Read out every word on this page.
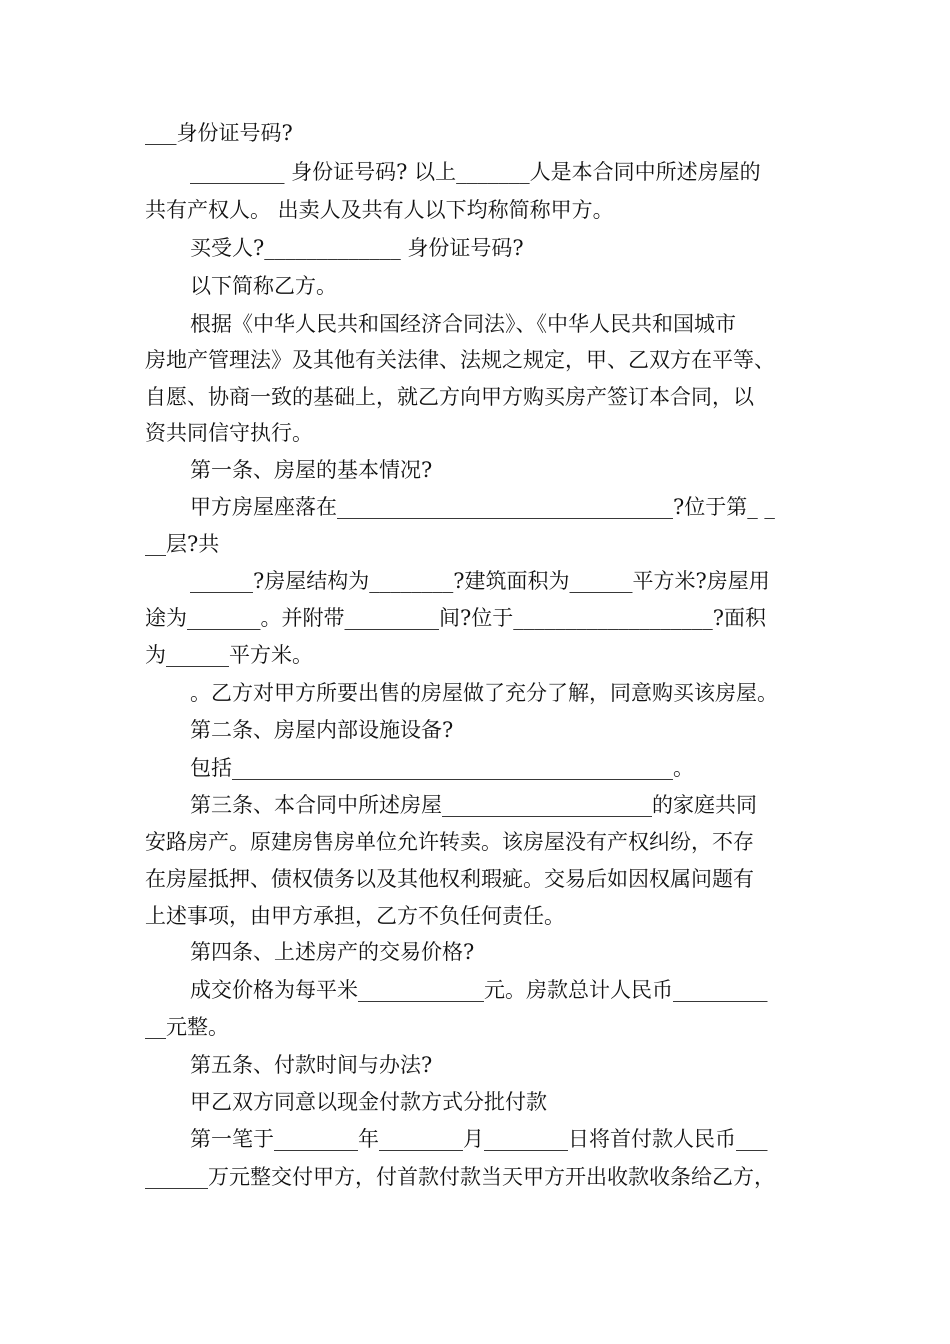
___身份证号码?
_________ 身份证号码? 以上_______人是本合同中所述房屋的
共有产权人。 出卖人及共有人以下均称简称甲方。
买受人?_____________ 身份证号码?
以下简称乙方。
根据《中华人民共和国经济合同法》、《中华人民共和国城市
房地产管理法》及其他有关法律、法规之规定，甲、乙双方在平等、
自愿、协商一致的基础上，就乙方向甲方购买房产签订本合同，以
资共同信守执行。
第一条、房屋的基本情况?
甲方房屋座落在________________________________?位于第_ _
__层?共
______?房屋结构为________?建筑面积为______平方米?房屋用
途为_______。并附带_________间?位于___________________?面积
为______平方米。
。乙方对甲方所要出售的房屋做了充分了解，同意购买该房屋。
第二条、房屋内部设施设备?
包括__________________________________________。
第三条、本合同中所述房屋____________________的家庭共同
安路房产。原建房售房单位允许转卖。该房屋没有产权纠纷，不存
在房屋抵押、债权债务以及其他权利瑕疵。交易后如因权属问题有
上述事项，由甲方承担，乙方不负任何责任。
第四条、上述房产的交易价格?
成交价格为每平米____________元。房款总计人民币_________
__元整。
第五条、付款时间与办法?
甲乙双方同意以现金付款方式分批付款
第一笔于________年________月________日将首付款人民币___
______万元整交付甲方，付首款付款当天甲方开出收款收条给乙方，
